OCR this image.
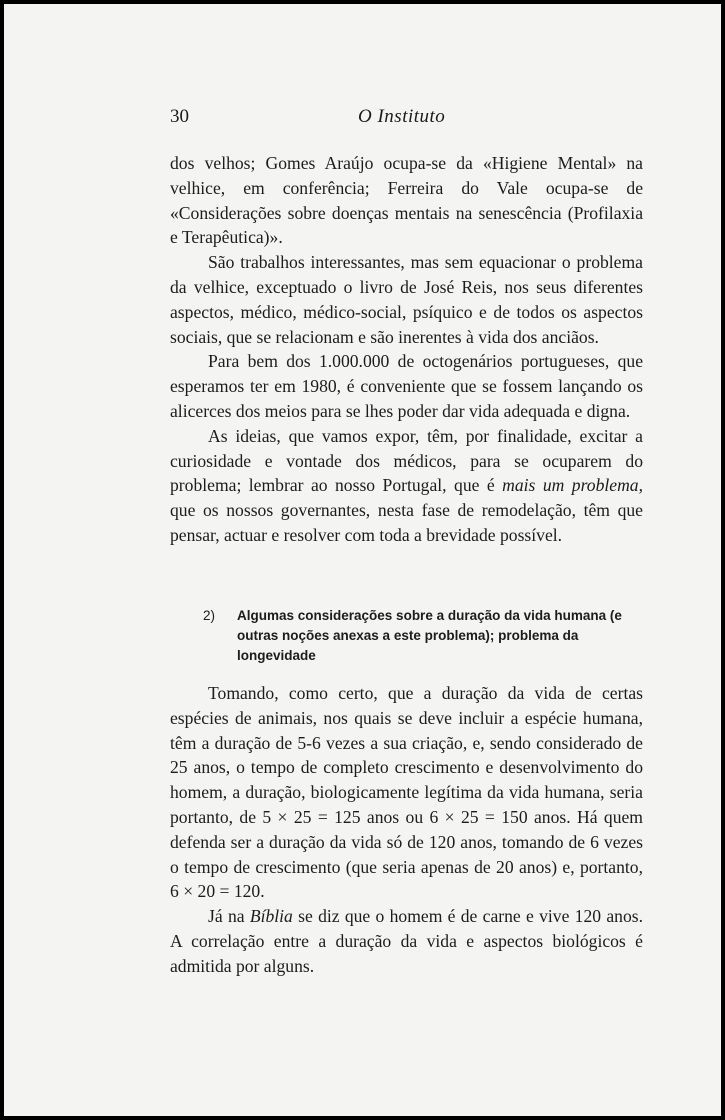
30	O Instituto

dos velhos; Gomes Araújo ocupa-se da «Higiene Mental» na velhice, em conferência; Ferreira do Vale ocupa-se de «Considerações sobre doenças mentais na senescência (Profilaxia e Terapêutica)».

São trabalhos interessantes, mas sem equacionar o problema da velhice, exceptuado o livro de José Reis, nos seus diferentes aspectos, médico, médico-social, psíquico e de todos os aspectos sociais, que se relacionam e são inerentes à vida dos anciãos.

Para bem dos 1.000.000 de octogenários portugueses, que esperamos ter em 1980, é conveniente que se fossem lançando os alicerces dos meios para se lhes poder dar vida adequada e digna.

As ideias, que vamos expor, têm, por finalidade, excitar a curiosidade e vontade dos médicos, para se ocuparem do problema; lembrar ao nosso Portugal, que é mais um problema, que os nossos governantes, nesta fase de remodelação, têm que pensar, actuar e resolver com toda a brevidade possível.

2) Algumas considerações sobre a duração da vida humana (e outras noções anexas a este problema); problema da longevidade

Tomando, como certo, que a duração da vida de certas espécies de animais, nos quais se deve incluir a espécie humana, têm a duração de 5-6 vezes a sua criação, e, sendo considerado de 25 anos, o tempo de completo crescimento e desenvolvimento do homem, a duração, biologicamente legítima da vida humana, seria portanto, de 5 × 25 = 125 anos ou 6 × 25 = 150 anos. Há quem defenda ser a duração da vida só de 120 anos, tomando de 6 vezes o tempo de crescimento (que seria apenas de 20 anos) e, portanto, 6 × 20 = 120.

Já na Bíblia se diz que o homem é de carne e vive 120 anos. A correlação entre a duração da vida e aspectos biológicos é admitida por alguns.
